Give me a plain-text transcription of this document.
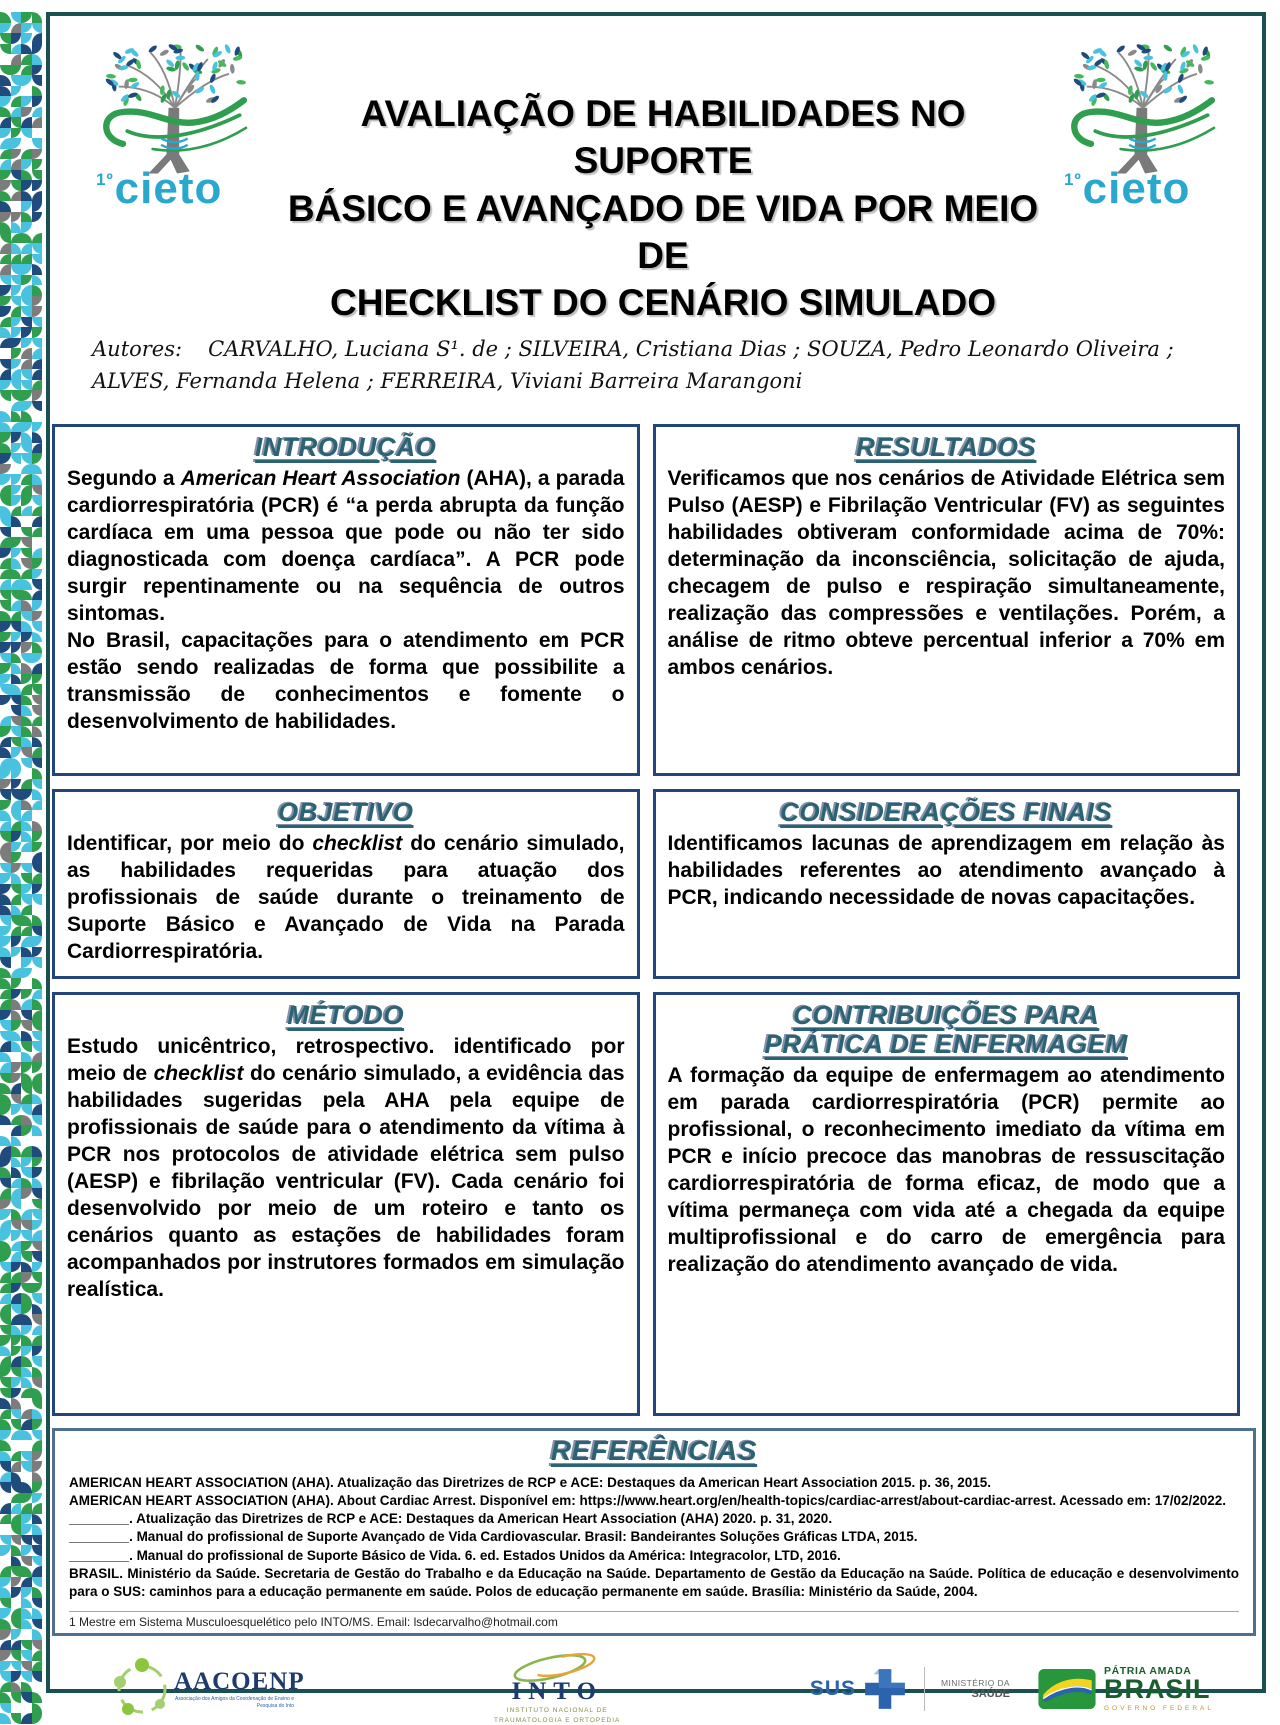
$^{1º}$cieto
AVALIAÇÃO DE HABILIDADES NO SUPORTE
BÁSICO E AVANÇADO DE VIDA POR MEIO DE
CHECKLIST DO CENÁRIO SIMULADO
$^{1º}$cieto

Autores: CARVALHO, Luciana S¹. de ; SILVEIRA, Cristiana Dias ; SOUZA, Pedro Leonardo Oliveira ; ALVES, Fernanda Helena ; FERREIRA, Viviani Barreira Marangoni

INTRODUÇÃO

Segundo a American Heart Association (AHA), a parada cardiorrespiratória (PCR) é “a perda abrupta da função cardíaca em uma pessoa que pode ou não ter sido diagnosticada com doença cardíaca”. A PCR pode surgir repentinamente ou na sequência de outros sintomas.

No Brasil, capacitações para o atendimento em PCR estão sendo realizadas de forma que possibilite a transmissão de conhecimentos e fomente o desenvolvimento de habilidades.

RESULTADOS

Verificamos que nos cenários de Atividade Elétrica sem Pulso (AESP) e Fibrilação Ventricular (FV) as seguintes habilidades obtiveram conformidade acima de 70%: determinação da inconsciência, solicitação de ajuda, checagem de pulso e respiração simultaneamente, realização das compressões e ventilações. Porém, a análise de ritmo obteve percentual inferior a 70% em ambos cenários.

OBJETIVO

Identificar, por meio do checklist do cenário simulado, as habilidades requeridas para atuação dos profissionais de saúde durante o treinamento de Suporte Básico e Avançado de Vida na Parada Cardiorrespiratória.

CONSIDERAÇÕES FINAIS

Identificamos lacunas de aprendizagem em relação às habilidades referentes ao atendimento avançado à PCR, indicando necessidade de novas capacitações.

MÉTODO

Estudo unicêntrico, retrospectivo. identificado por meio de checklist do cenário simulado, a evidência das habilidades sugeridas pela AHA pela equipe de profissionais de saúde para o atendimento da vítima à PCR nos protocolos de atividade elétrica sem pulso (AESP) e fibrilação ventricular (FV). Cada cenário foi desenvolvido por meio de um roteiro e tanto os cenários quanto as estações de habilidades foram acompanhados por instrutores formados em simulação realística.

CONTRIBUIÇÕES PARA
PRÁTICA DE ENFERMAGEM

A formação da equipe de enfermagem ao atendimento em parada cardiorrespiratória (PCR) permite ao profissional, o reconhecimento imediato da vítima em PCR e início precoce das manobras de ressuscitação cardiorrespiratória de forma eficaz, de modo que a vítima permaneça com vida até a chegada da equipe multiprofissional e do carro de emergência para realização do atendimento avançado de vida.

REFERÊNCIAS
AMERICAN HEART ASSOCIATION (AHA). Atualização das Diretrizes de RCP e ACE: Destaques da American Heart Association 2015. p. 36, 2015.
AMERICAN HEART ASSOCIATION (AHA). About Cardiac Arrest. Disponível em: https://www.heart.org/en/health-topics/cardiac-arrest/about-cardiac-arrest. Acessado em: 17/02/2022.
________. Atualização das Diretrizes de RCP e ACE: Destaques da American Heart Association (AHA) 2020. p. 31, 2020.
________. Manual do profissional de Suporte Avançado de Vida Cardiovascular. Brasil: Bandeirantes Soluções Gráficas LTDA, 2015.
________. Manual do profissional de Suporte Básico de Vida. 6. ed. Estados Unidos da América: Integracolor, LTD, 2016.
BRASIL. Ministério da Saúde. Secretaria de Gestão do Trabalho e da Educação na Saúde. Departamento de Gestão da Educação na Saúde. Política de educação e desenvolvimento para o SUS: caminhos para a educação permanente em saúde. Polos de educação permanente em saúde. Brasília: Ministério da Saúde, 2004.
1 Mestre em Sistema Musculoesquelético pelo INTO/MS. Email: lsdecarvalho@hotmail.com
AACOENP
Associação dos Amigos da Coordenação de Ensino e Pesquisa do Into
INTO
INSTITUTO NACIONAL DE
TRAUMATOLOGIA E ORTOPEDIA
SUS	MINISTÉRIO DA
SAÚDE
PÁTRIA AMADA
BRASIL
GOVERNO FEDERAL
